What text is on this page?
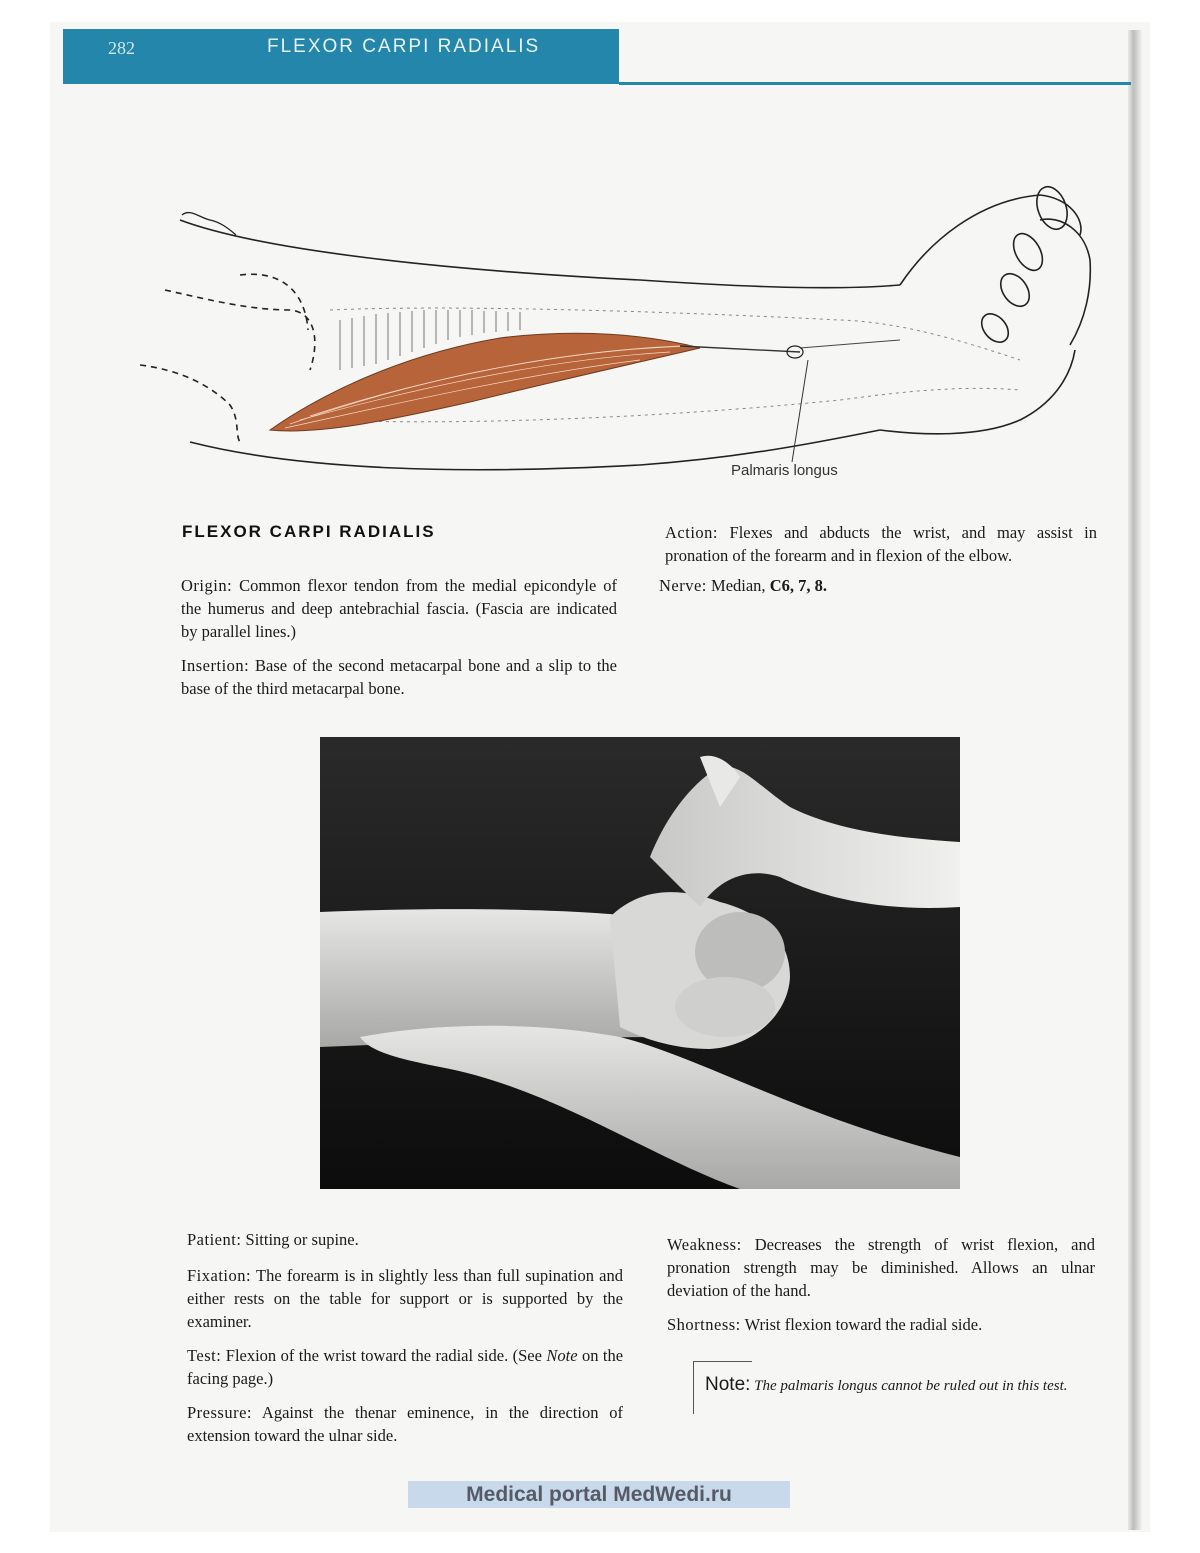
282	FLEXOR CARPI RADIALIS
Palmaris longus
FLEXOR CARPI RADIALIS
Origin: Common flexor tendon from the medial epicondyle of the humerus and deep antebrachial fascia. (Fascia are indicated by parallel lines.)
Insertion: Base of the second metacarpal bone and a slip to the base of the third metacarpal bone.
Action: Flexes and abducts the wrist, and may assist in pronation of the forearm and in flexion of the elbow.
Nerve: Median, C6, 7, 8.
Patient: Sitting or supine.
Fixation: The forearm is in slightly less than full supination and either rests on the table for support or is supported by the examiner.
Test: Flexion of the wrist toward the radial side. (See Note on the facing page.)
Pressure: Against the thenar eminence, in the direction of extension toward the ulnar side.
Weakness: Decreases the strength of wrist flexion, and pronation strength may be diminished. Allows an ulnar deviation of the hand.
Shortness: Wrist flexion toward the radial side.
Note: The palmaris longus cannot be ruled out in this test.
Medical portal MedWedi.ru
